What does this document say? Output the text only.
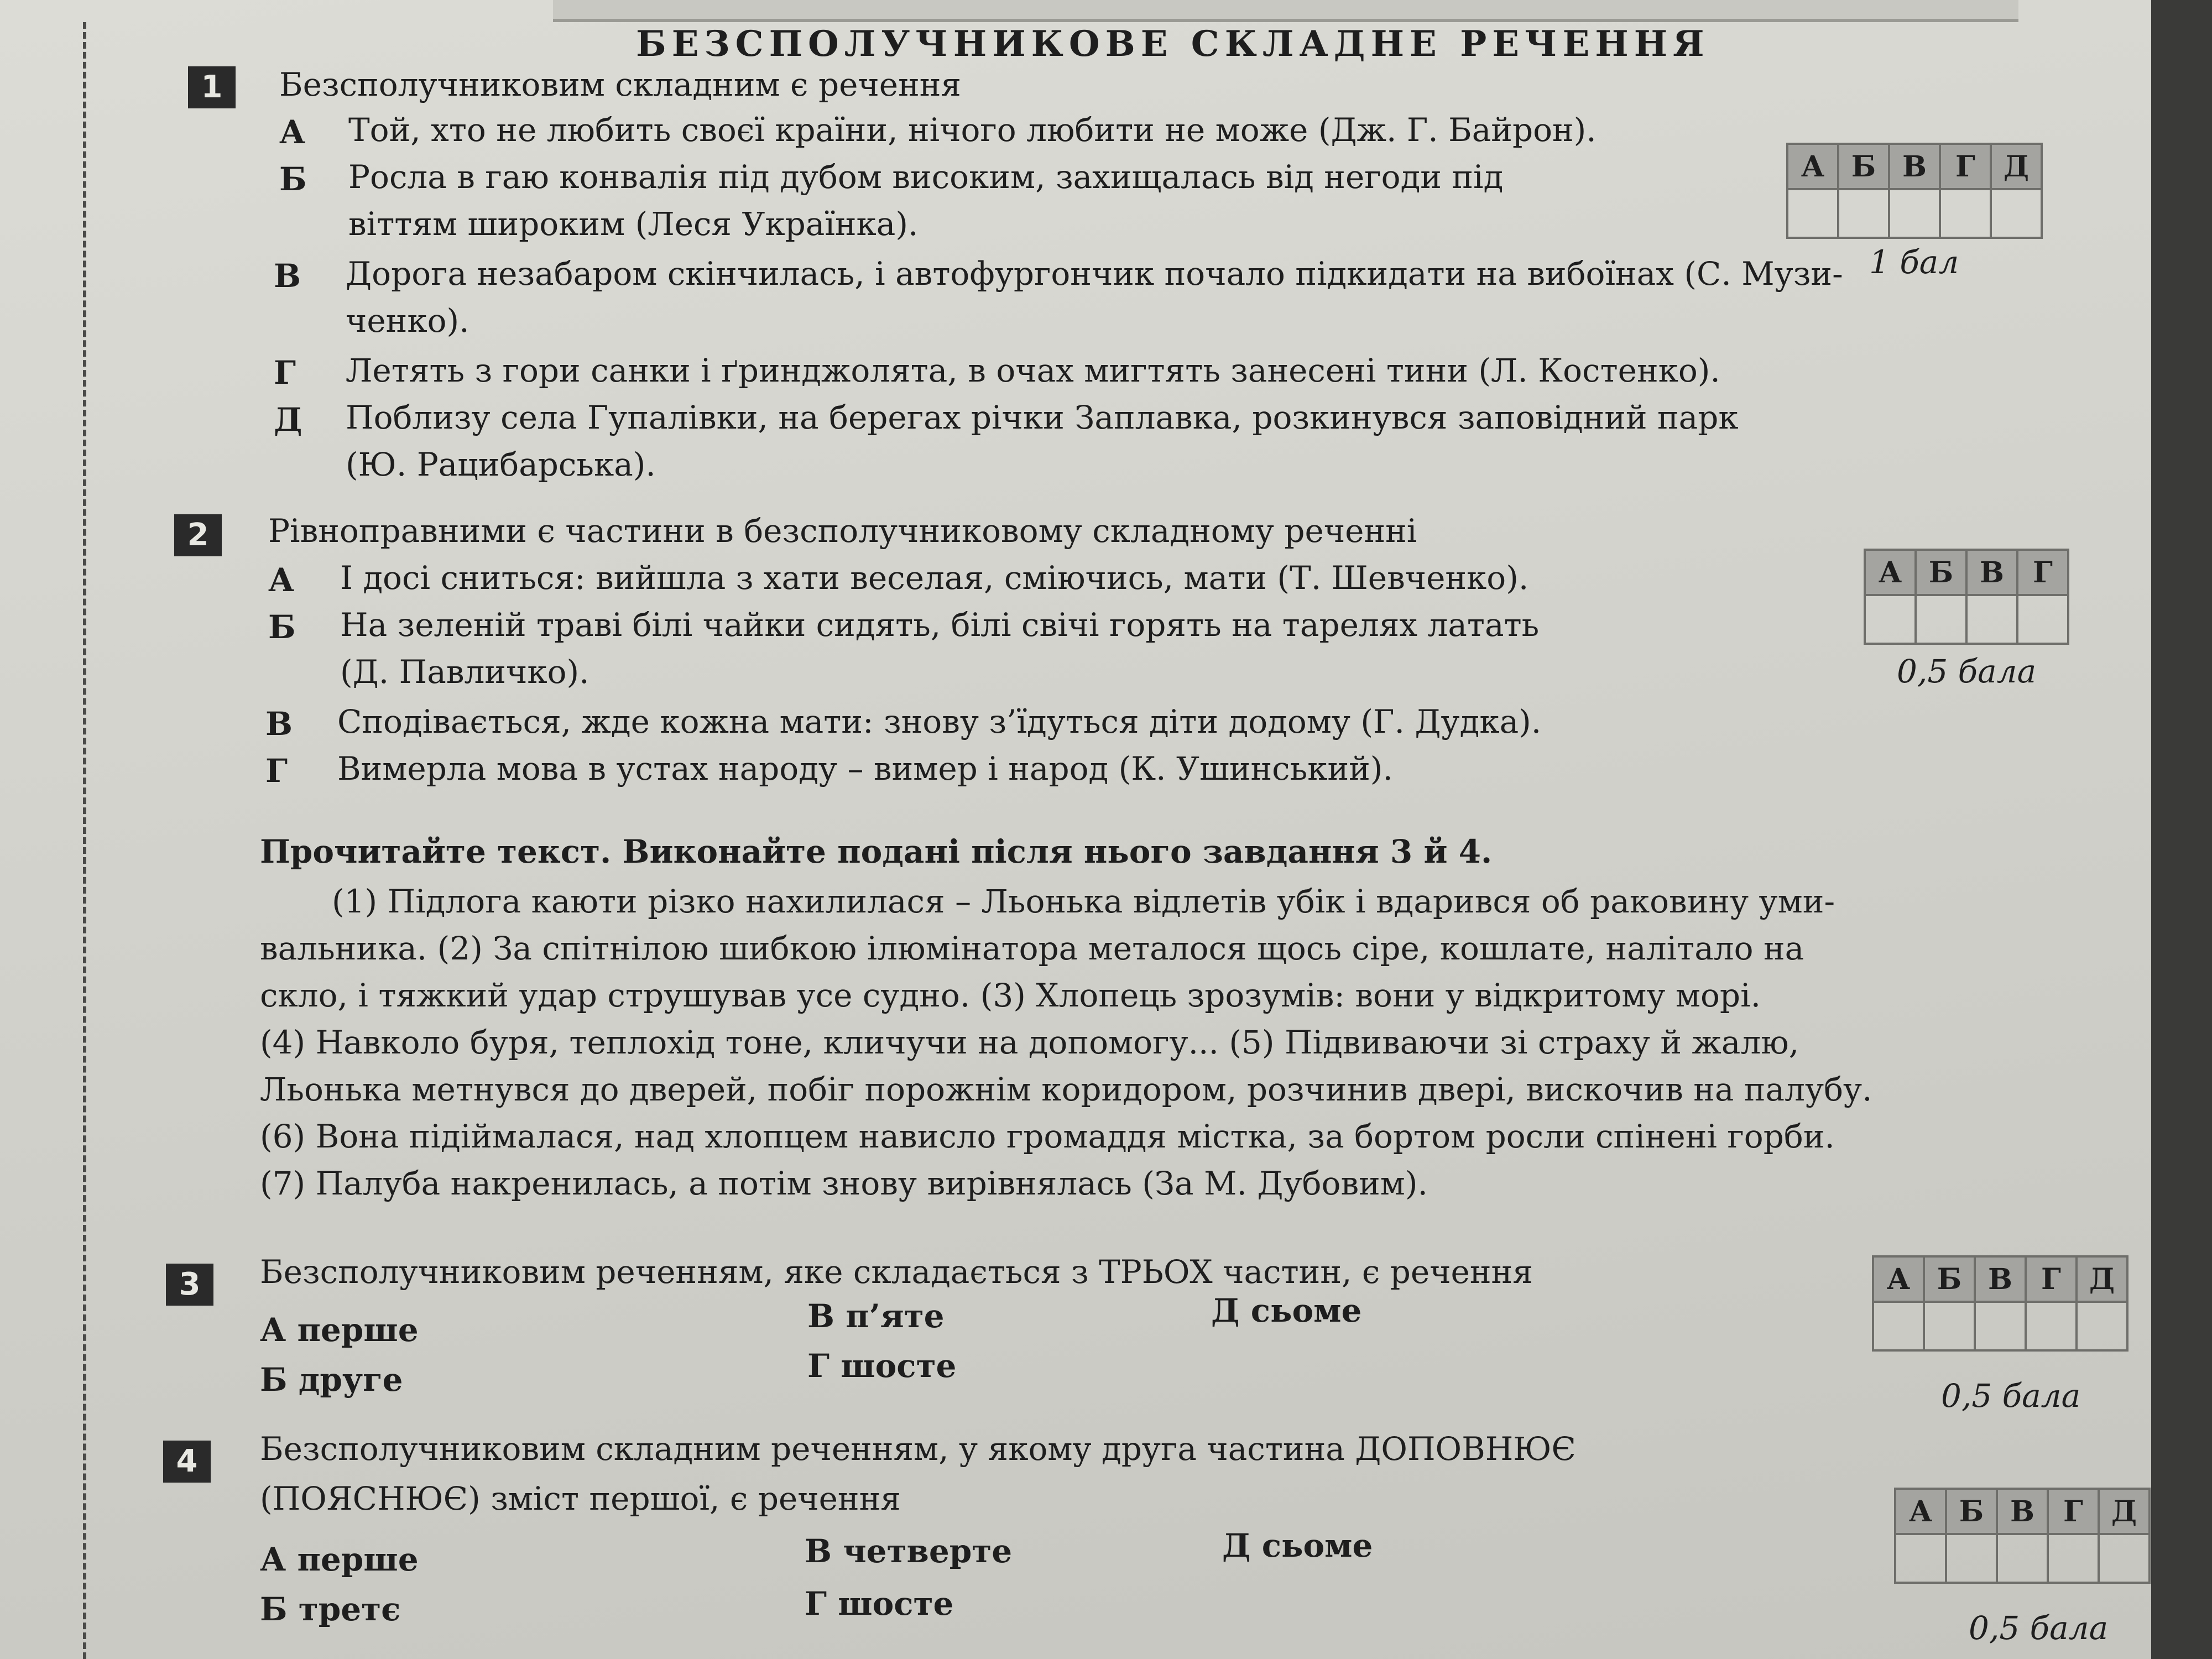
БЕЗСПОЛУЧНИКОВЕ СКЛАДНЕ РЕЧЕННЯ
1	Безсполучниковим складним є речення
А Той, хто не любить своєї країни, нічого любити не може (Дж. Г. Байрон).
Б Росла в гаю конвалія під дубом високим, захищалась від негоди під
віттям широким (Леся Українка).
В Дорога незабаром скінчилась, і автофургончик почало підкидати на вибоїнах (С. Музи-
ченко).
Г Летять з гори санки і ґринджолята, в очах мигтять занесені тини (Л. Костенко).
Д Поблизу села Гупалівки, на берегах річки Заплавка, розкинувся заповідний парк
(Ю. Рацибарська).
А	Б	В	Г	Д

1 бал
2	Рівноправними є частини в безсполучниковому складному реченні
А І досі сниться: вийшла з хати веселая, сміючись, мати (Т. Шевченко).
Б На зеленій траві білі чайки сидять, білі свічі горять на тарелях латать
(Д. Павличко).
В Сподівається, жде кожна мати: знову з’їдуться діти додому (Г. Дудка).
Г Вимерла мова в устах народу – вимер і народ (К. Ушинський).
А	Б	В	Г

0,5 бала
Прочитайте текст. Виконайте подані після нього завдання 3 й 4.
(1) Підлога каюти різко нахилилася – Льонька відлетів убік і вдарився об раковину уми-
вальника. (2) За спітнілою шибкою ілюмінатора металося щось сіре, кошлате, налітало на
скло, і тяжкий удар струшував усе судно. (3) Хлопець зрозумів: вони у відкритому морі.
(4) Навколо буря, теплохід тоне, кличучи на допомогу... (5) Підвиваючи зі страху й жалю,
Льонька метнувся до дверей, побіг порожнім коридором, розчинив двері, вискочив на палубу.
(6) Вона підіймалася, над хлопцем нависло громаддя містка, за бортом росли спінені горби.
(7) Палуба накренилась, а потім знову вирівнялась (За М. Дубовим).
3	Безсполучниковим реченням, яке складається з ТРЬОХ частин, є речення
А перше
Б друге
В п’яте
Г шосте
Д сьоме
А	Б	В	Г	Д

0,5 бала
4	Безсполучниковим складним реченням, у якому друга частина ДОПОВНЮЄ
(ПОЯСНЮЄ) зміст першої, є речення
А перше
Б третє
В четверте
Г шосте
Д сьоме
А	Б	В	Г	Д

0,5 бала
